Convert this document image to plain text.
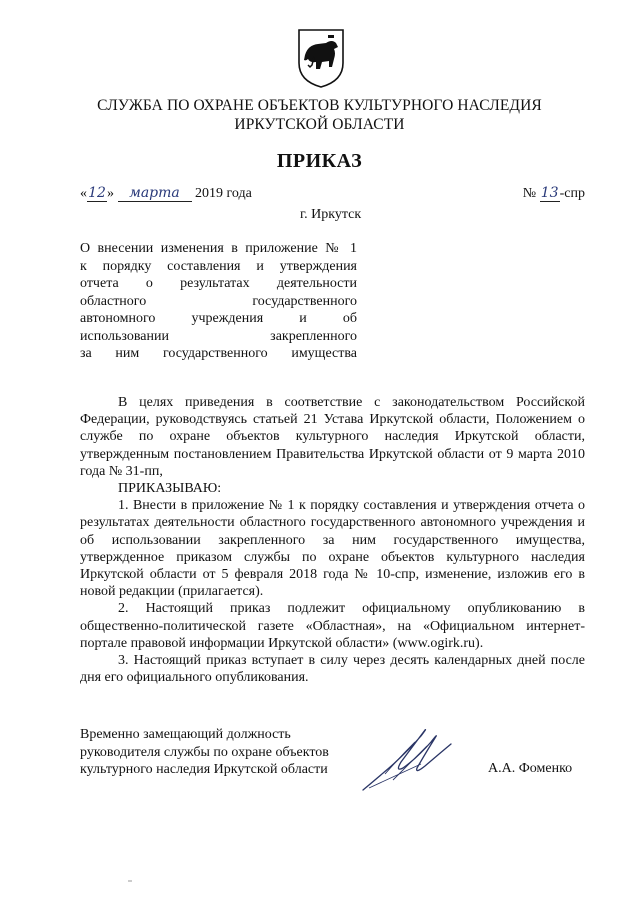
СЛУЖБА ПО ОХРАНЕ ОБЪЕКТОВ КУЛЬТУРНОГО НАСЛЕДИЯ
ИРКУТСКОЙ ОБЛАСТИ
ПРИКАЗ
«12» марта 2019 года	№ 13-спр
г. Иркутск
О внесении изменения в приложение № 1
к порядку составления и утверждения
отчета о результатах деятельности
областного государственного
автономного учреждения и об
использовании закрепленного
за ним государственного имущества

В целях приведения в соответствие с законодательством Российской Федерации, руководствуясь статьей 21 Устава Иркутской области, Положением о службе по охране объектов культурного наследия Иркутской области, утвержденным постановлением Правительства Иркутской области от 9 марта 2010 года № 31-пп,

ПРИКАЗЫВАЮ:

1. Внести в приложение № 1 к порядку составления и утверждения отчета о результатах деятельности областного государственного автономного учреждения и об использовании закрепленного за ним государственного имущества, утвержденное приказом службы по охране объектов культурного наследия Иркутской области от 5 февраля 2018 года № 10-спр, изменение, изложив его в новой редакции (прилагается).

2. Настоящий приказ подлежит официальному опубликованию в общественно-политической газете «Областная», на «Официальном интернет-портале правовой информации Иркутской области» (www.ogirk.ru).

3. Настоящий приказ вступает в силу через десять календарных дней после дня его официального опубликования.

Временно замещающий должность
руководителя службы по охране объектов
культурного наследия Иркутской области	А.А. Фоменко
